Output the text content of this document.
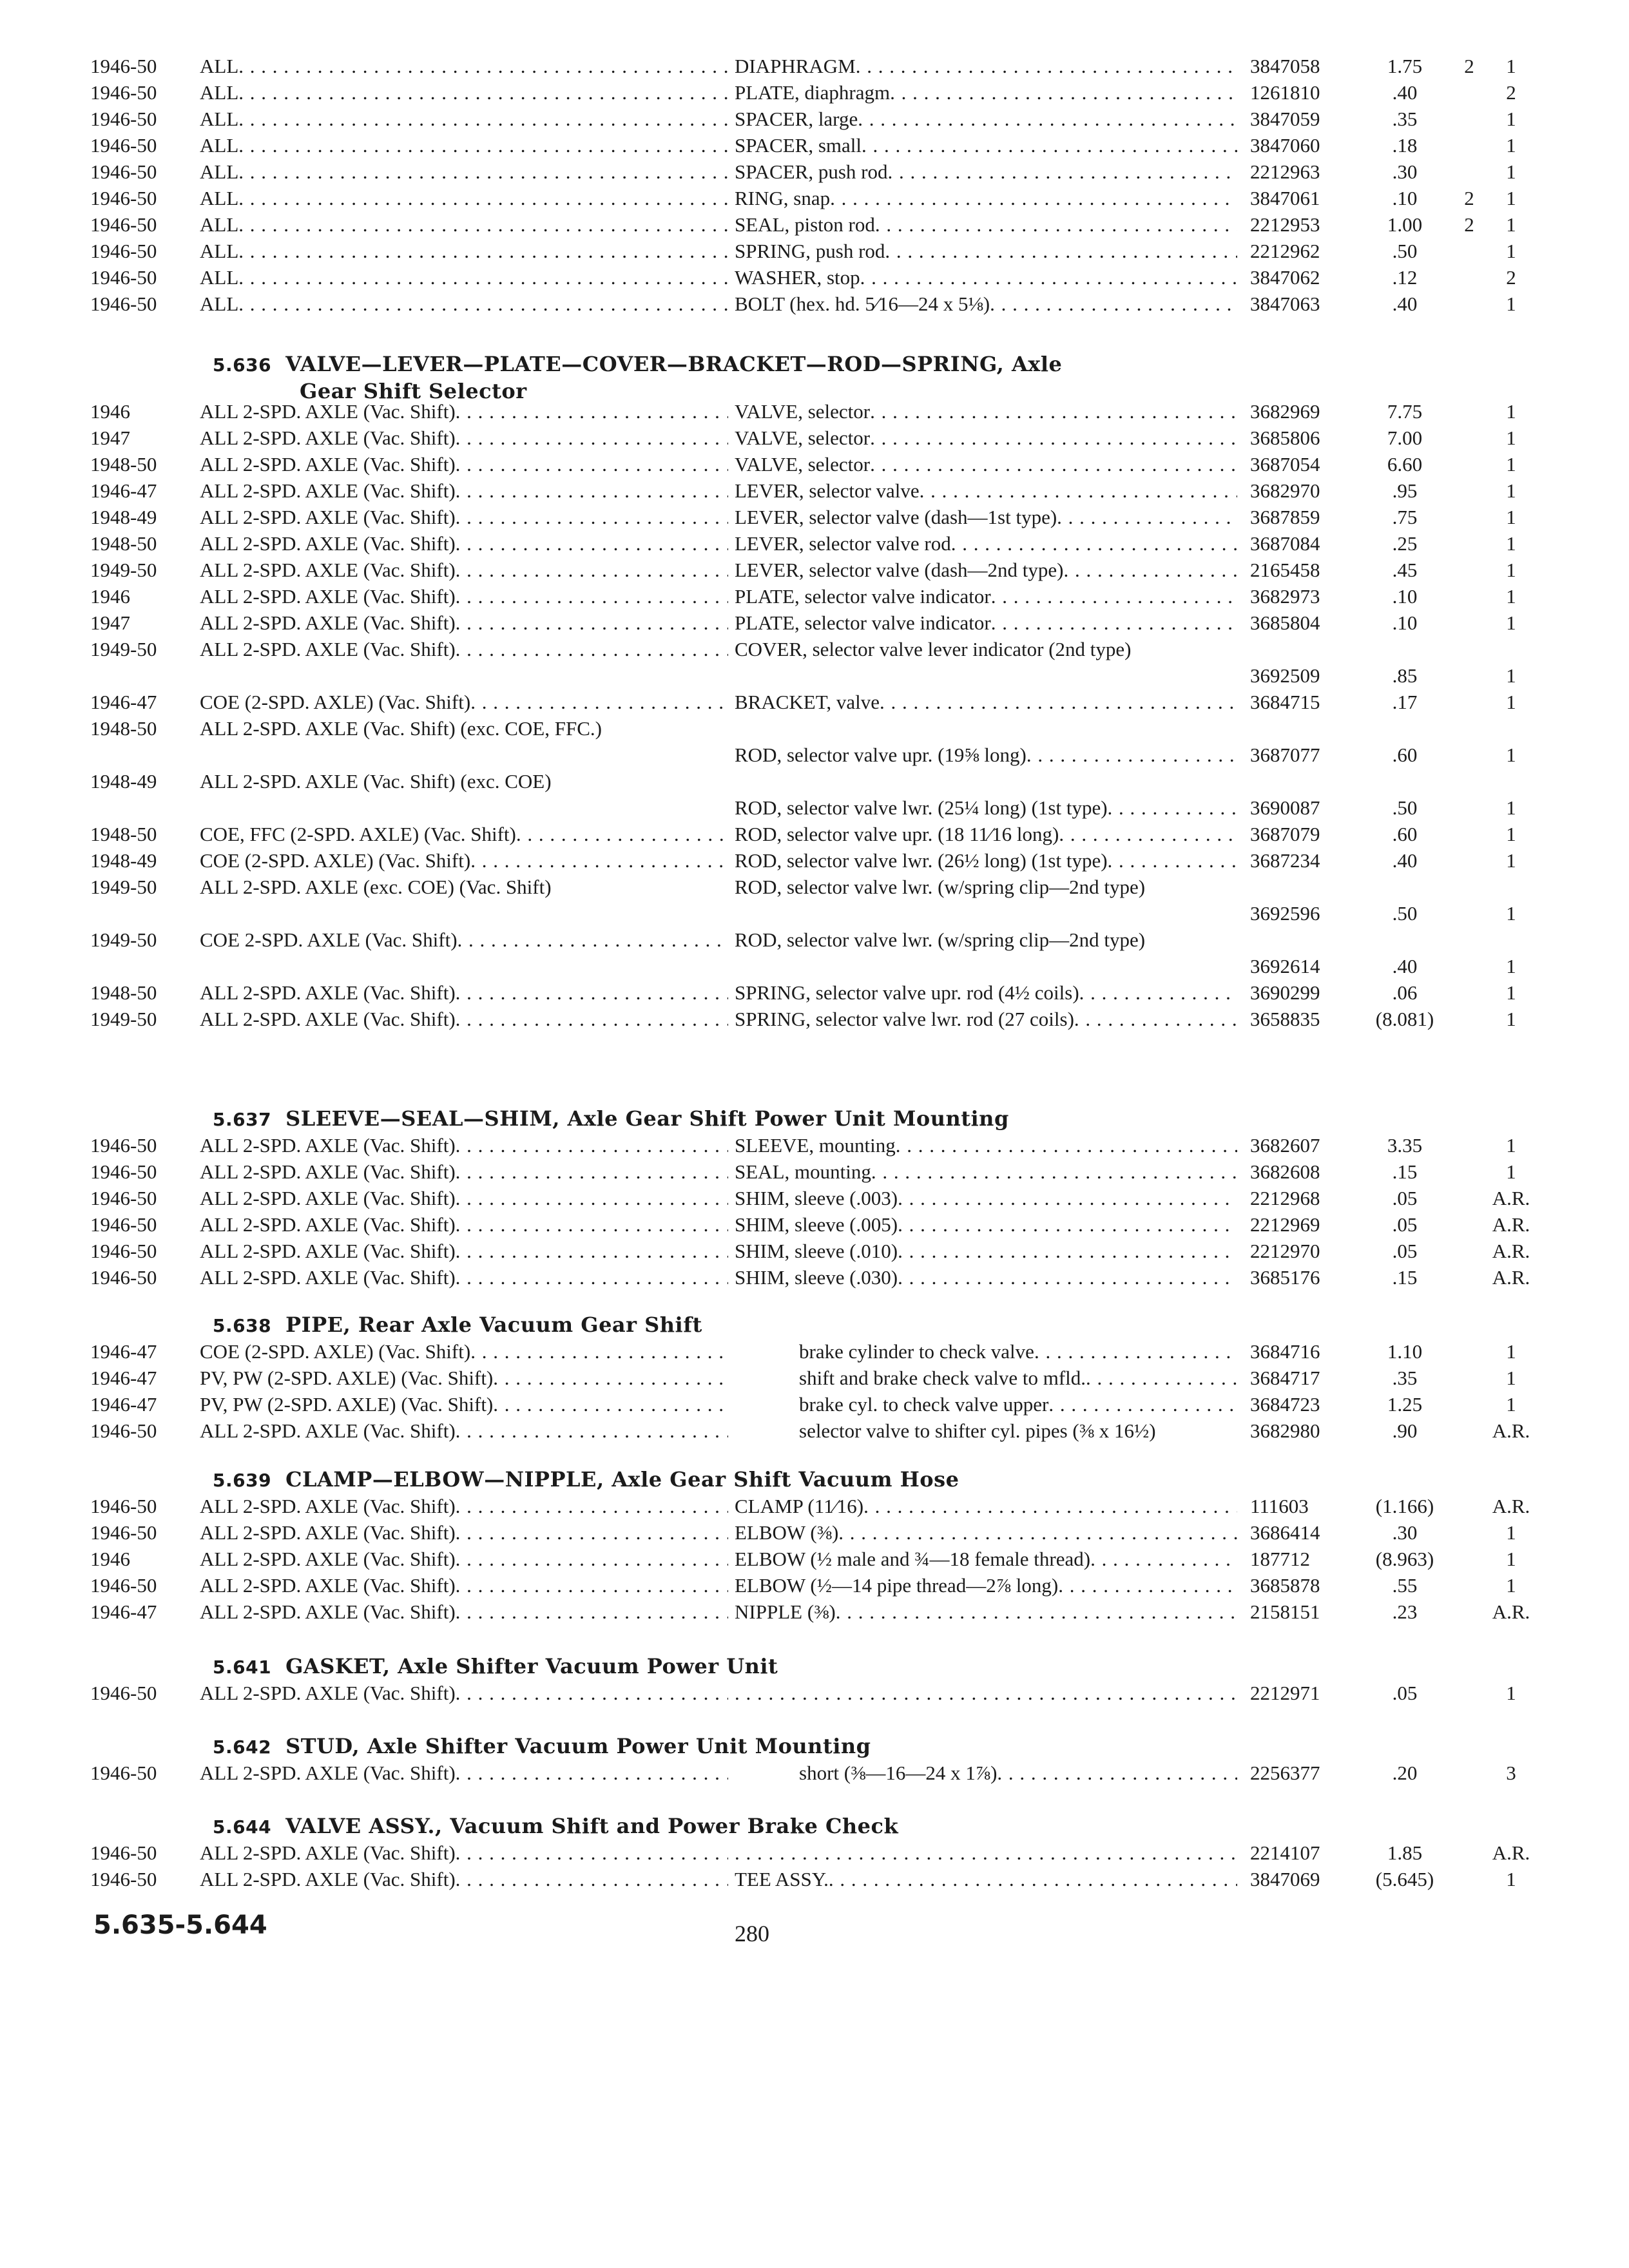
1946-50	ALL . . .	DIAPHRAGM . . .	3847058	1.75	2	1
1946-50	ALL . . .	PLATE, diaphragm . . .	1261810	.40	2
1946-50	ALL . . .	SPACER, large . . .	3847059	.35	1
1946-50	ALL . . .	SPACER, small . . .	3847060	.18	1
1946-50	ALL . . .	SPACER, push rod . . .	2212963	.30	1
1946-50	ALL . . .	RING, snap . . .	3847061	.10	2	1
1946-50	ALL . . .	SEAL, piston rod . . .	2212953	1.00	2	1
1946-50	ALL . . .	SPRING, push rod . . .	2212962	.50	1
1946-50	ALL . . .	WASHER, stop . . .	3847062	.12	2
1946-50	ALL . . .	BOLT (hex. hd. 5⁄16—24 x 5⅛) . . .	3847063	.40	1
5.636 VALVE—LEVER—PLATE—COVER—BRACKET—ROD—SPRING, Axle
Gear Shift Selector
1946	ALL 2-SPD. AXLE (Vac. Shift) . . .	VALVE, selector . . .	3682969	7.75	1
1947	ALL 2-SPD. AXLE (Vac. Shift) . . .	VALVE, selector . . .	3685806	7.00	1
1948-50	ALL 2-SPD. AXLE (Vac. Shift) . . .	VALVE, selector . . .	3687054	6.60	1
1946-47	ALL 2-SPD. AXLE (Vac. Shift) . . .	LEVER, selector valve . . .	3682970	.95	1
1948-49	ALL 2-SPD. AXLE (Vac. Shift) . . .	LEVER, selector valve (dash—1st type) . . .	3687859	.75	1
1948-50	ALL 2-SPD. AXLE (Vac. Shift) . . .	LEVER, selector valve rod . . .	3687084	.25	1
1949-50	ALL 2-SPD. AXLE (Vac. Shift) . . .	LEVER, selector valve (dash—2nd type) . . .	2165458	.45	1
1946	ALL 2-SPD. AXLE (Vac. Shift) . . .	PLATE, selector valve indicator . . .	3682973	.10	1
1947	ALL 2-SPD. AXLE (Vac. Shift) . . .	PLATE, selector valve indicator . . .	3685804	.10	1
1949-50	ALL 2-SPD. AXLE (Vac. Shift) . . .	COVER, selector valve lever indicator (2nd type)
3692509	.85	1
1946-47	COE (2-SPD. AXLE) (Vac. Shift) . . .	BRACKET, valve . . .	3684715	.17	1
1948-50	ALL 2-SPD. AXLE (Vac. Shift) (exc. COE, FFC.)
ROD, selector valve upr. (19⅝ long) . . .	3687077	.60	1
1948-49	ALL 2-SPD. AXLE (Vac. Shift) (exc. COE)
ROD, selector valve lwr. (25¼ long) (1st type) . . .	3690087	.50	1
1948-50	COE, FFC (2-SPD. AXLE) (Vac. Shift) . . .	ROD, selector valve upr. (18 11⁄16 long) . . .	3687079	.60	1
1948-49	COE (2-SPD. AXLE) (Vac. Shift) . . .	ROD, selector valve lwr. (26½ long) (1st type) . . .	3687234	.40	1
1949-50	ALL 2-SPD. AXLE (exc. COE) (Vac. Shift)	ROD, selector valve lwr. (w/spring clip—2nd type)
3692596	.50	1
1949-50	COE 2-SPD. AXLE (Vac. Shift) . . .	ROD, selector valve lwr. (w/spring clip—2nd type)
3692614	.40	1
1948-50	ALL 2-SPD. AXLE (Vac. Shift) . . .	SPRING, selector valve upr. rod (4½ coils) . . .	3690299	.06	1
1949-50	ALL 2-SPD. AXLE (Vac. Shift) . . .	SPRING, selector valve lwr. rod (27 coils) . . .	3658835	(8.081)	1
5.637 SLEEVE—SEAL—SHIM, Axle Gear Shift Power Unit Mounting
1946-50	ALL 2-SPD. AXLE (Vac. Shift) . . .	SLEEVE, mounting . . .	3682607	3.35	1
1946-50	ALL 2-SPD. AXLE (Vac. Shift) . . .	SEAL, mounting . . .	3682608	.15	1
1946-50	ALL 2-SPD. AXLE (Vac. Shift) . . .	SHIM, sleeve (.003) . . .	2212968	.05	A.R.
1946-50	ALL 2-SPD. AXLE (Vac. Shift) . . .	SHIM, sleeve (.005) . . .	2212969	.05	A.R.
1946-50	ALL 2-SPD. AXLE (Vac. Shift) . . .	SHIM, sleeve (.010) . . .	2212970	.05	A.R.
1946-50	ALL 2-SPD. AXLE (Vac. Shift) . . .	SHIM, sleeve (.030) . . .	3685176	.15	A.R.
5.638 PIPE, Rear Axle Vacuum Gear Shift
1946-47	COE (2-SPD. AXLE) (Vac. Shift) . . .	brake cylinder to check valve . . .	3684716	1.10	1
1946-47	PV, PW (2-SPD. AXLE) (Vac. Shift) . . .	shift and brake check valve to mfld. . . .	3684717	.35	1
1946-47	PV, PW (2-SPD. AXLE) (Vac. Shift) . . .	brake cyl. to check valve upper . . .	3684723	1.25	1
1946-50	ALL 2-SPD. AXLE (Vac. Shift) . . .	selector valve to shifter cyl. pipes (⅜ x 16½)	3682980	.90	A.R.
5.639 CLAMP—ELBOW—NIPPLE, Axle Gear Shift Vacuum Hose
1946-50	ALL 2-SPD. AXLE (Vac. Shift) . . .	CLAMP (11⁄16) . . .	111603	(1.166)	A.R.
1946-50	ALL 2-SPD. AXLE (Vac. Shift) . . .	ELBOW (⅜) . . .	3686414	.30	1
1946	ALL 2-SPD. AXLE (Vac. Shift) . . .	ELBOW (½ male and ¾—18 female thread) . . .	187712	(8.963)	1
1946-50	ALL 2-SPD. AXLE (Vac. Shift) . . .	ELBOW (½—14 pipe thread—2⅞ long) . . .	3685878	.55	1
1946-47	ALL 2-SPD. AXLE (Vac. Shift) . . .	NIPPLE (⅜) . . .	2158151	.23	A.R.
5.641 GASKET, Axle Shifter Vacuum Power Unit
1946-50	ALL 2-SPD. AXLE (Vac. Shift) . . . . . .	2212971	.05	1
5.642 STUD, Axle Shifter Vacuum Power Unit Mounting
1946-50	ALL 2-SPD. AXLE (Vac. Shift) . . .	short (⅜—16—24 x 1⅞) . . .	2256377	.20	3
5.644 VALVE ASSY., Vacuum Shift and Power Brake Check
1946-50	ALL 2-SPD. AXLE (Vac. Shift) . . . . . .	2214107	1.85	A.R.
1946-50	ALL 2-SPD. AXLE (Vac. Shift) . . .	TEE ASSY. . . .	3847069	(5.645)	1
5.635-5.644	280
